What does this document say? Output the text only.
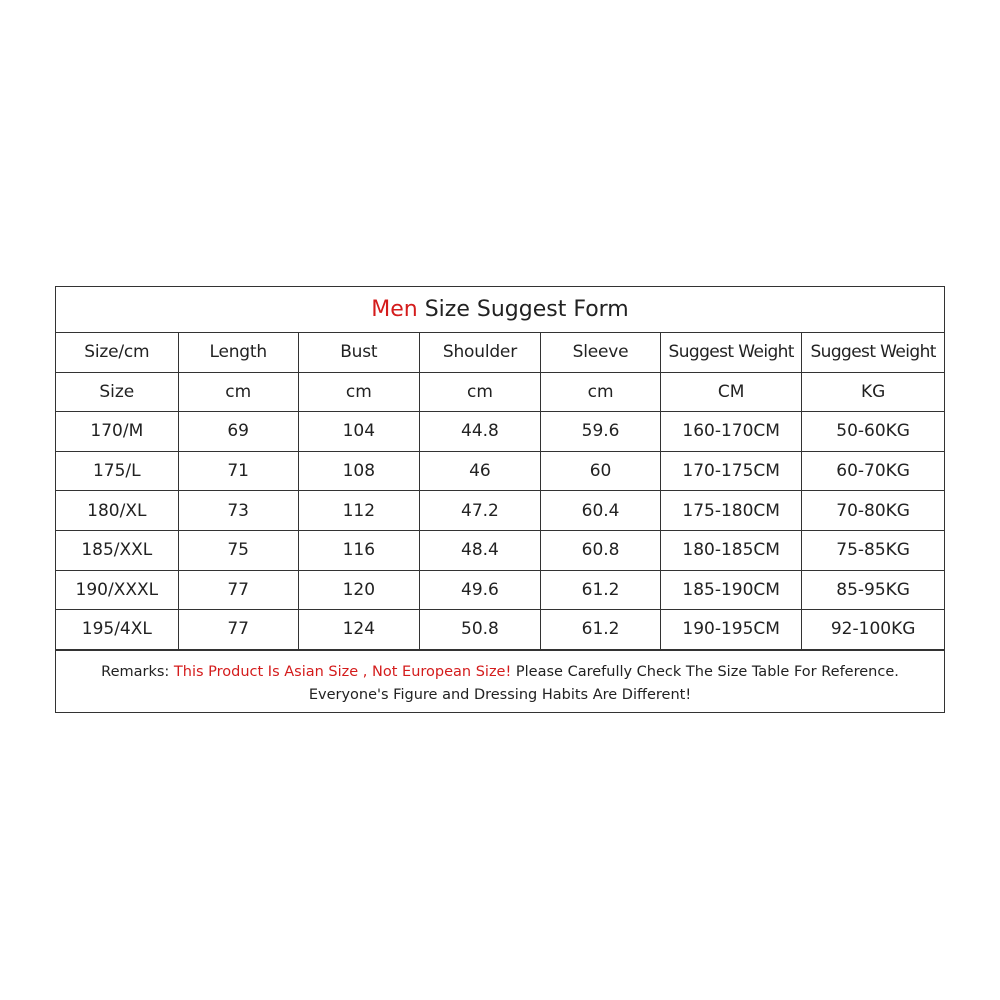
Men Size Suggest Form
Size/cm	Length	Bust	Shoulder	Sleeve	Suggest Weight	Suggest Weight
Size	cm	cm	cm	cm	CM	KG
170/M	69	104	44.8	59.6	160-170CM	50-60KG
175/L	71	108	46	60	170-175CM	60-70KG
180/XL	73	112	47.2	60.4	175-180CM	70-80KG
185/XXL	75	116	48.4	60.8	180-185CM	75-85KG
190/XXXL	77	120	49.6	61.2	185-190CM	85-95KG
195/4XL	77	124	50.8	61.2	190-195CM	92-100KG
Remarks: This Product Is Asian Size , Not European Size! Please Carefully Check The Size Table For Reference.
Everyone's Figure and Dressing Habits Are Different!
